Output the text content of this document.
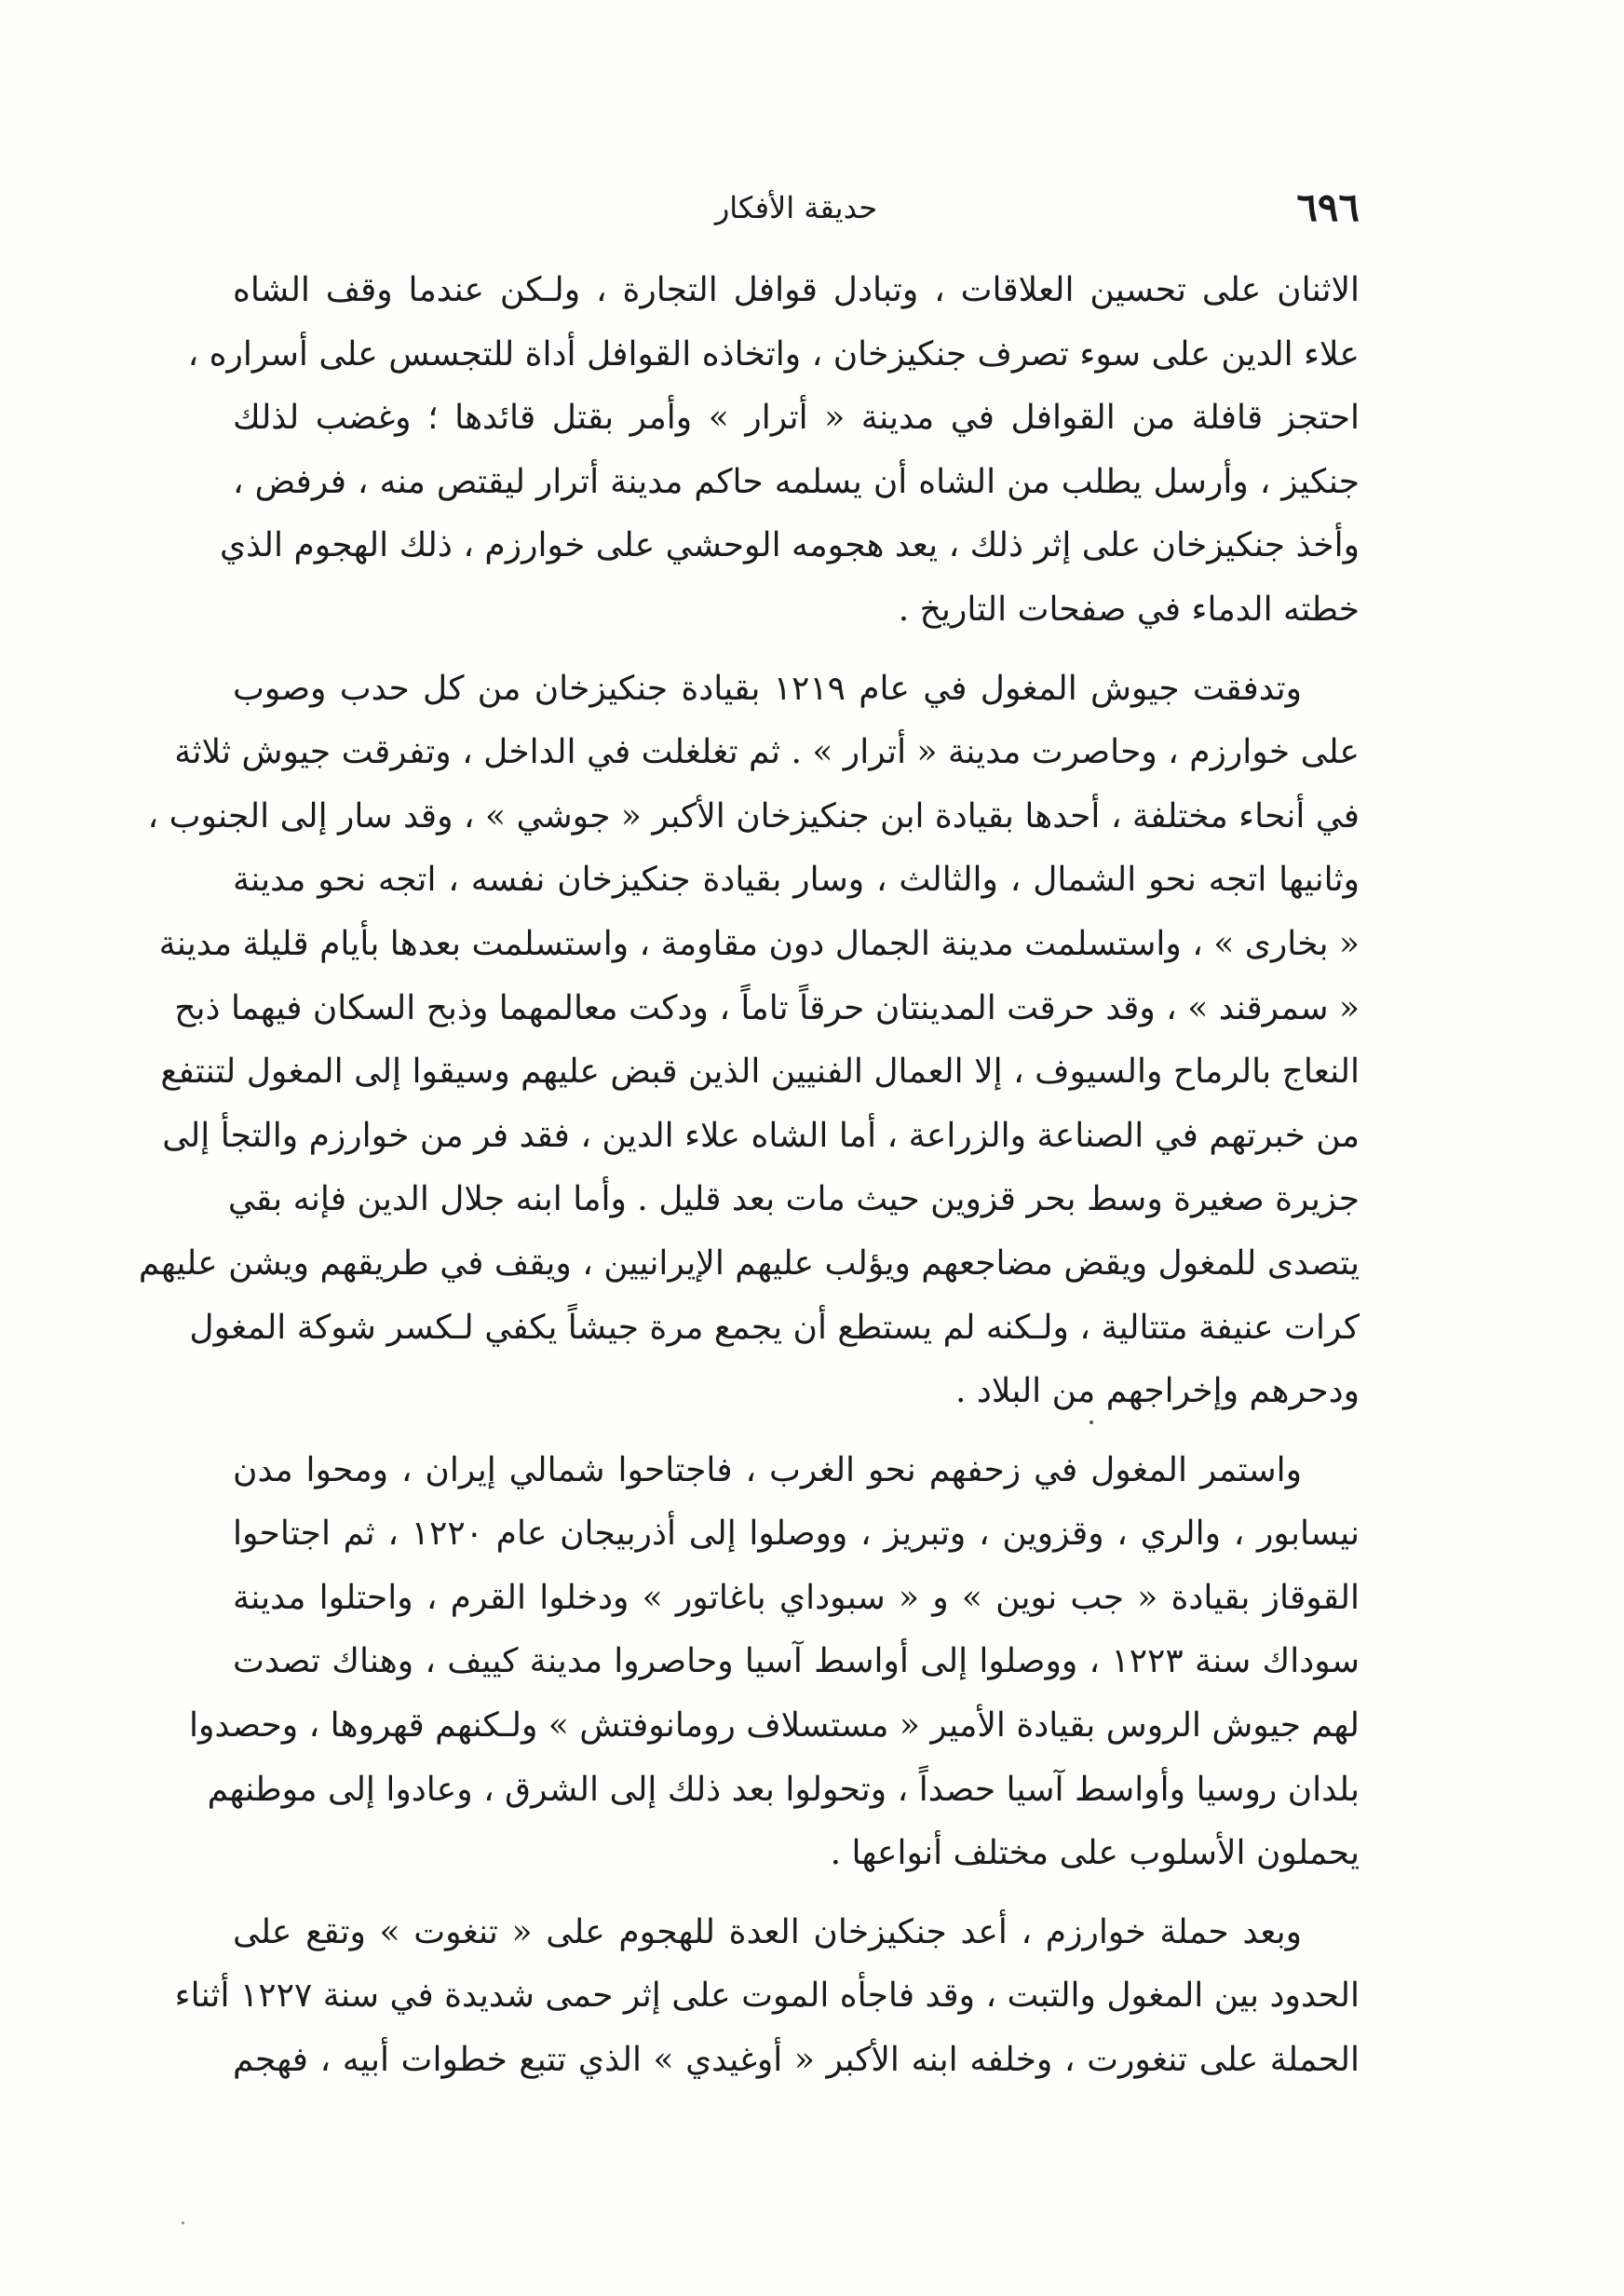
٦٩٦
حديقة الأفكار
الاثنان على تحسين العلاقات ، وتبادل قوافل التجارة ، ولـكن عندما وقف الشاه
علاء الدين على سوء تصرف جنكيزخان ، واتخاذه القوافل أداة للتجسس على أسراره ،
احتجز قافلة من القوافل في مدينة « أترار » وأمر بقتل قائدها ؛ وغضب لذلك
جنكيز ، وأرسل يطلب من الشاه أن يسلمه حاكم مدينة أترار ليقتص منه ، فرفض ،
وأخذ جنكيزخان على إثر ذلك ، يعد هجومه الوحشي على خوارزم ، ذلك الهجوم الذي
خطته الدماء في صفحات التاريخ .
وتدفقت جيوش المغول في عام ١٢١٩ بقيادة جنكيزخان من كل حدب وصوب
على خوارزم ، وحاصرت مدينة « أترار » . ثم تغلغلت في الداخل ، وتفرقت جيوش ثلاثة
في أنحاء مختلفة ، أحدها بقيادة ابن جنكيزخان الأكبر « جوشي » ، وقد سار إلى الجنوب ،
وثانيها اتجه نحو الشمال ، والثالث ، وسار بقيادة جنكيزخان نفسه ، اتجه نحو مدينة
« بخارى » ، واستسلمت مدينة الجمال دون مقاومة ، واستسلمت بعدها بأيام قليلة مدينة
« سمرقند » ، وقد حرقت المدينتان حرقاً تاماً ، ودكت معالمهما وذبح السكان فيهما ذبح
النعاج بالرماح والسيوف ، إلا العمال الفنيين الذين قبض عليهم وسيقوا إلى المغول لتنتفع
من خبرتهم في الصناعة والزراعة ، أما الشاه علاء الدين ، فقد فر من خوارزم والتجأ إلى
جزيرة صغيرة وسط بحر قزوين حيث مات بعد قليل . وأما ابنه جلال الدين فإنه بقي
يتصدى للمغول ويقض مضاجعهم ويؤلب عليهم الإيرانيين ، ويقف في طريقهم ويشن عليهم
كرات عنيفة متتالية ، ولـكنه لم يستطع أن يجمع مرة جيشاً يكفي لـكسر شوكة المغول
ودحرهم وإخراجهم من البلاد .
واستمر المغول في زحفهم نحو الغرب ، فاجتاحوا شمالي إيران ، ومحوا مدن
نيسابور ، والري ، وقزوين ، وتبريز ، ووصلوا إلى أذربيجان عام ١٢٢٠ ، ثم اجتاحوا
القوقاز بقيادة « جب نوين » و « سبوداي باغاتور » ودخلوا القرم ، واحتلوا مدينة
سوداك سنة ١٢٢٣ ، ووصلوا إلى أواسط آسيا وحاصروا مدينة كييف ، وهناك تصدت
لهم جيوش الروس بقيادة الأمير « مستسلاف رومانوفتش » ولـكنهم قهروها ، وحصدوا
بلدان روسيا وأواسط آسيا حصداً ، وتحولوا بعد ذلك إلى الشرق ، وعادوا إلى موطنهم
يحملون الأسلوب على مختلف أنواعها .
وبعد حملة خوارزم ، أعد جنكيزخان العدة للهجوم على « تنغوت » وتقع على
الحدود بين المغول والتبت ، وقد فاجأه الموت على إثر حمى شديدة في سنة ١٢٢٧ أثناء
الحملة على تنغورت ، وخلفه ابنه الأكبر « أوغيدي » الذي تتبع خطوات أبيه ، فهجم
